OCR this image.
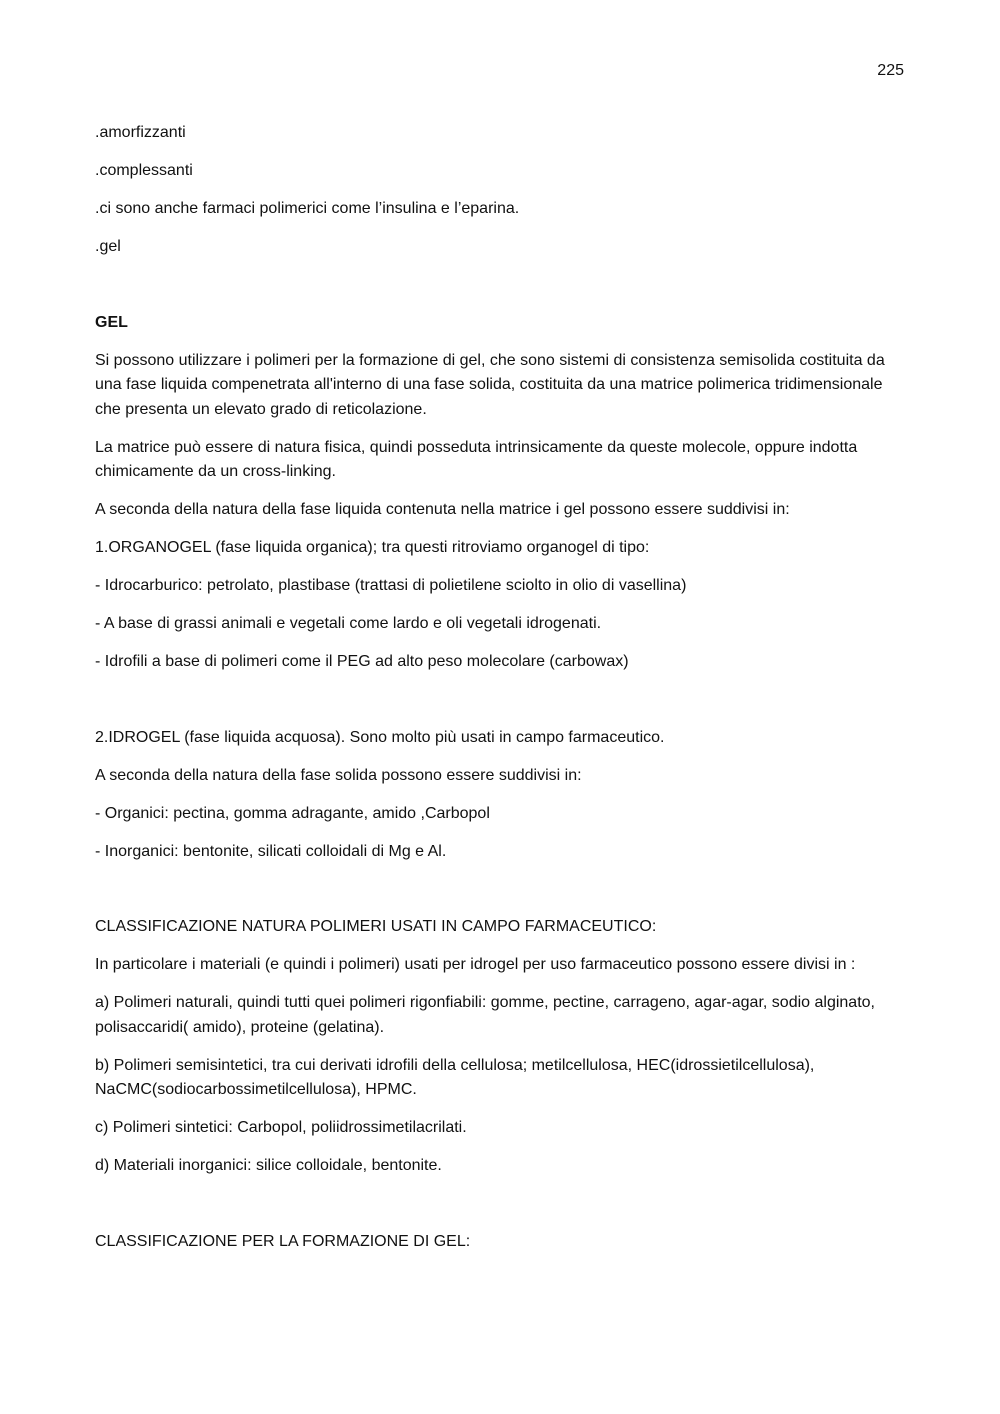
225

.amorfizzanti

.complessanti

.ci sono anche farmaci polimerici come l’insulina e l’eparina.

.gel

GEL

Si possono utilizzare i polimeri per la formazione di gel, che sono sistemi di consistenza semisolida costituita da una fase liquida compenetrata all'interno di una fase solida, costituita da una matrice polimerica tridimensionale che presenta un elevato grado di reticolazione.

La matrice può essere di natura fisica, quindi posseduta intrinsicamente da queste molecole, oppure indotta chimicamente da un cross-linking.

A seconda della natura della fase liquida contenuta nella matrice i gel possono essere suddivisi in:

1.ORGANOGEL (fase liquida organica); tra questi ritroviamo organogel di tipo:

- Idrocarburico: petrolato, plastibase (trattasi di polietilene sciolto in olio di vasellina)

- A base di grassi animali e vegetali come lardo e oli vegetali idrogenati.

- Idrofili a base di polimeri come il PEG ad alto peso molecolare (carbowax)

2.IDROGEL (fase liquida acquosa). Sono molto più usati in campo farmaceutico.

A seconda della natura della fase solida possono essere suddivisi in:

- Organici: pectina, gomma adragante, amido ,Carbopol

- Inorganici: bentonite, silicati colloidali di Mg e Al.

CLASSIFICAZIONE NATURA POLIMERI USATI IN CAMPO FARMACEUTICO:

In particolare i materiali (e quindi i polimeri) usati per idrogel per uso farmaceutico possono essere divisi in :

a) Polimeri naturali, quindi tutti quei polimeri rigonfiabili: gomme, pectine, carrageno, agar-agar, sodio alginato, polisaccaridi( amido), proteine (gelatina).

b) Polimeri semisintetici, tra cui derivati idrofili della cellulosa; metilcellulosa, HEC(idrossietilcellulosa), NaCMC(sodiocarbossimetilcellulosa), HPMC.

c) Polimeri sintetici: Carbopol, poliidrossimetilacrilati.

d) Materiali inorganici: silice colloidale, bentonite.

CLASSIFICAZIONE PER LA FORMAZIONE DI GEL:
